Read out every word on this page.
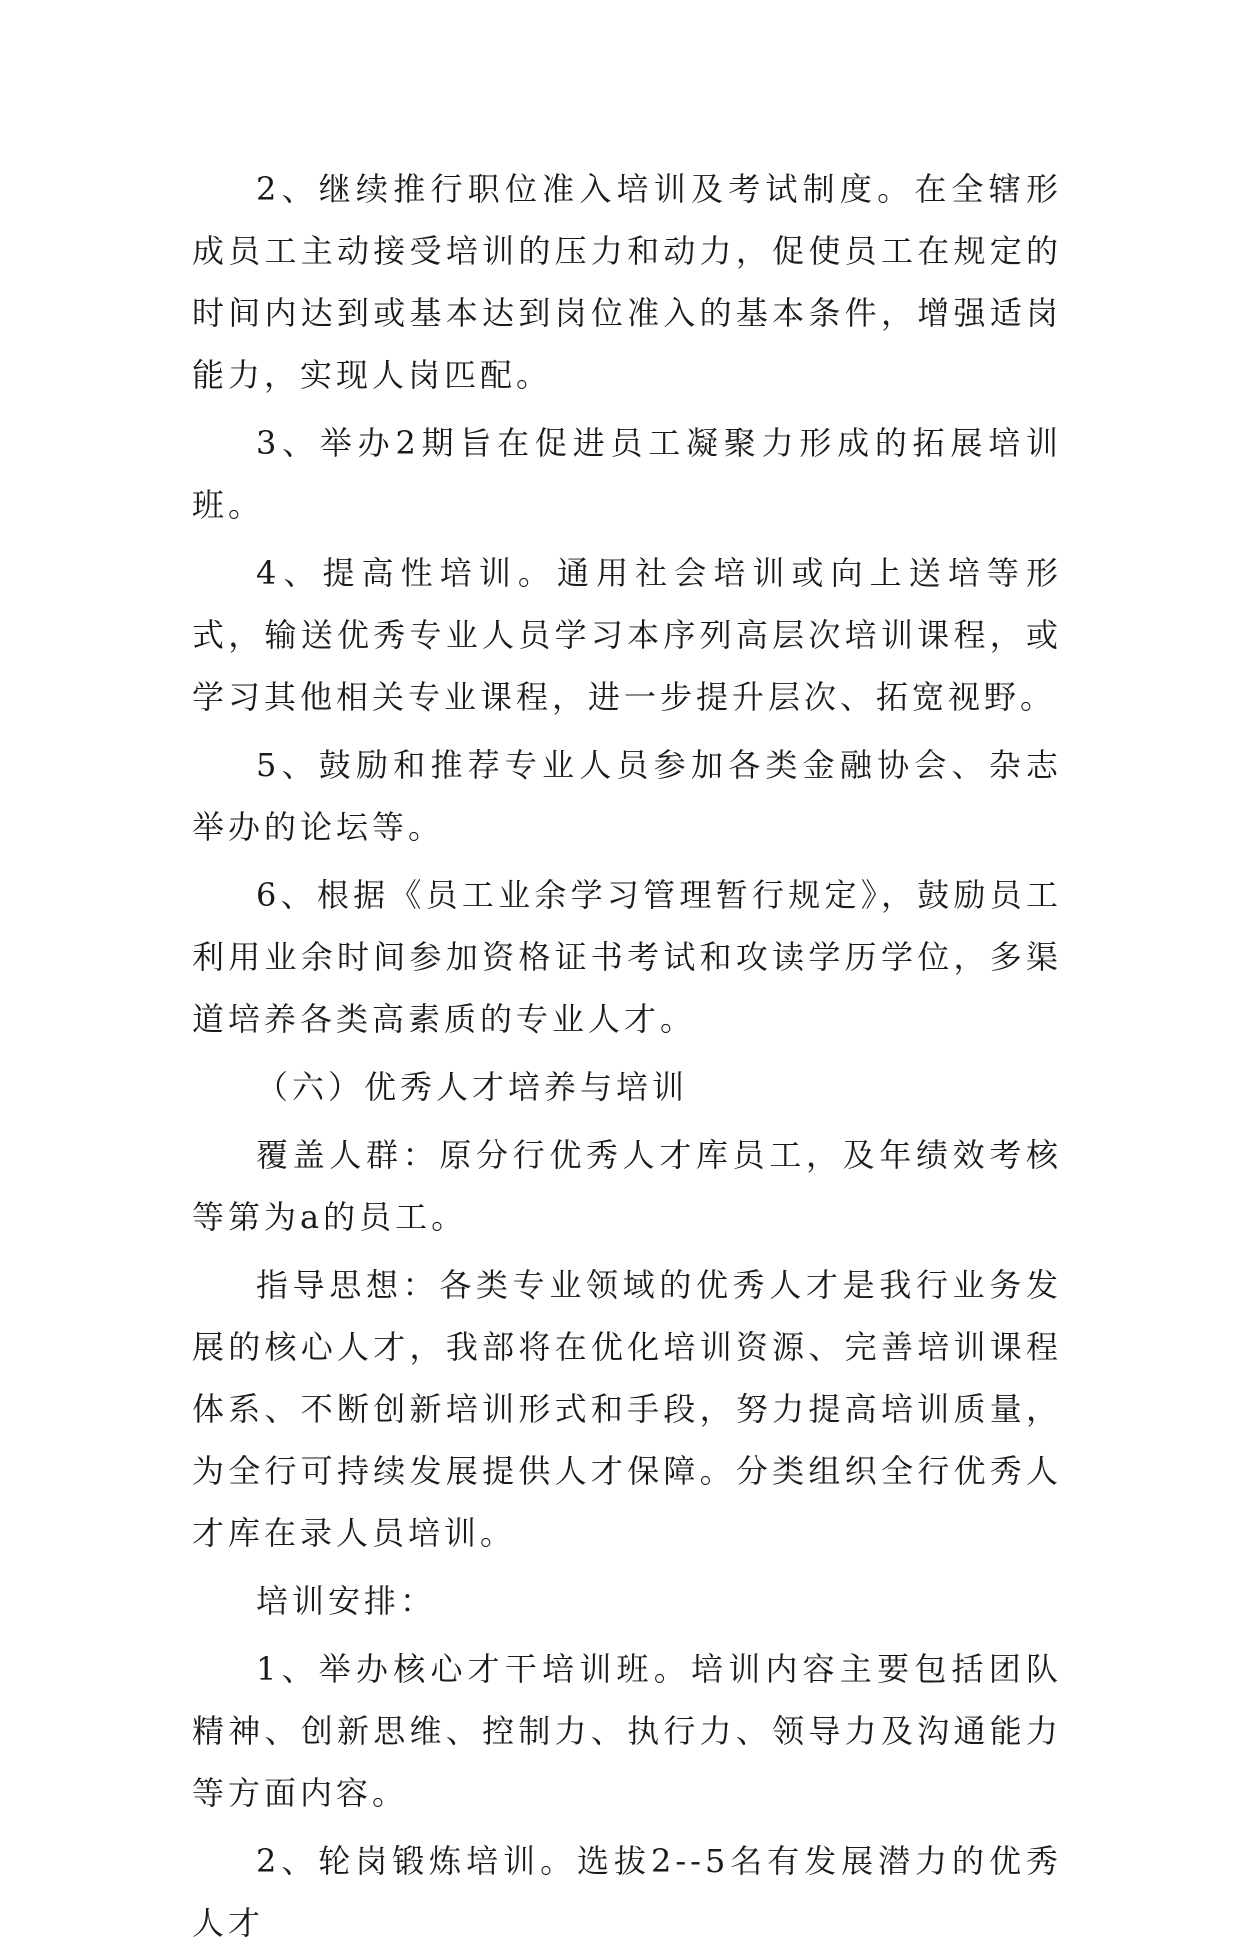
2、继续推行职位准入培训及考试制度。在全辖形成员工主动接受培训的压力和动力，促使员工在规定的时间内达到或基本达到岗位准入的基本条件，增强适岗能力，实现人岗匹配。

3、举办2期旨在促进员工凝聚力形成的拓展培训班。

4、提高性培训。通用社会培训或向上送培等形式，输送优秀专业人员学习本序列高层次培训课程，或学习其他相关专业课程，进一步提升层次、拓宽视野。

5、鼓励和推荐专业人员参加各类金融协会、杂志举办的论坛等。

6、根据《员工业余学习管理暂行规定》，鼓励员工利用业余时间参加资格证书考试和攻读学历学位，多渠道培养各类高素质的专业人才。

（六）优秀人才培养与培训

覆盖人群：原分行优秀人才库员工，及年绩效考核等第为a的员工。

指导思想：各类专业领域的优秀人才是我行业务发展的核心人才，我部将在优化培训资源、完善培训课程体系、不断创新培训形式和手段，努力提高培训质量，为全行可持续发展提供人才保障。分类组织全行优秀人才库在录人员培训。

培训安排：

1、举办核心才干培训班。培训内容主要包括团队精神、创新思维、控制力、执行力、领导力及沟通能力等方面内容。

2、轮岗锻炼培训。选拔2--5名有发展潜力的优秀人才
